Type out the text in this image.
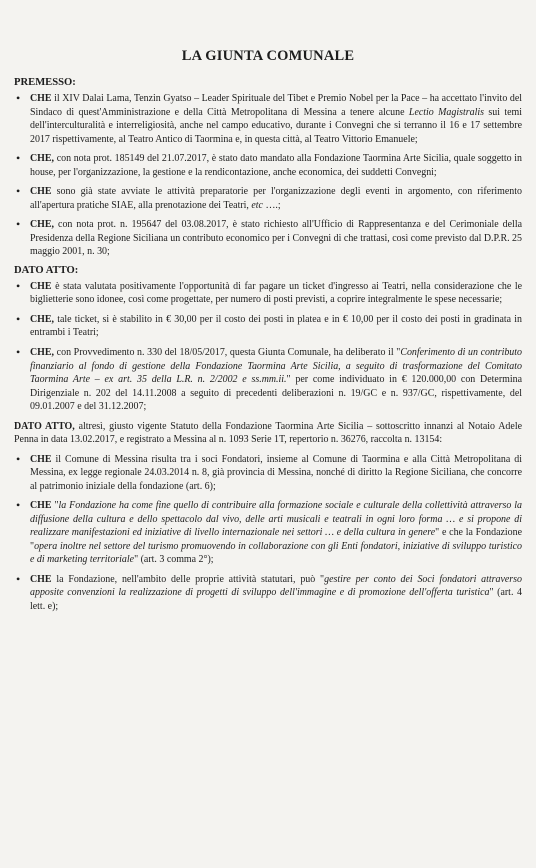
LA GIUNTA COMUNALE
PREMESSO:
• CHE il XIV Dalai Lama, Tenzin Gyatso – Leader Spirituale del Tibet e Premio Nobel per la Pace – ha accettato l'invito del Sindaco di quest'Amministrazione e della Città Metropolitana di Messina a tenere alcune Lectio Magistralis sui temi dell'interculturalità e interreligiosità, anche nel campo educativo, durante i Convegni che si terranno il 16 e 17 settembre 2017 rispettivamente, al Teatro Antico di Taormina e, in questa città, al Teatro Vittorio Emanuele;
• CHE, con nota prot. 185149 del 21.07.2017, è stato dato mandato alla Fondazione Taormina Arte Sicilia, quale soggetto in house, per l'organizzazione, la gestione e la rendicontazione, anche economica, dei suddetti Convegni;
• CHE sono già state avviate le attività preparatorie per l'organizzazione degli eventi in argomento, con riferimento all'apertura pratiche SIAE, alla prenotazione dei Teatri, etc ….;
• CHE, con nota prot. n. 195647 del 03.08.2017, è stato richiesto all'Ufficio di Rappresentanza e del Cerimoniale della Presidenza della Regione Siciliana un contributo economico per i Convegni di che trattasi, così come previsto dal D.P.R. 25 maggio 2001, n. 30;
DATO ATTO:
• CHE è stata valutata positivamente l'opportunità di far pagare un ticket d'ingresso ai Teatri, nella considerazione che le biglietterie sono idonee, così come progettate, per numero di posti previsti, a coprire integralmente le spese necessarie;
• CHE, tale ticket, si è stabilito in € 30,00 per il costo dei posti in platea e in € 10,00 per il costo dei posti in gradinata in entrambi i Teatri;
• CHE, con Provvedimento n. 330 del 18/05/2017, questa Giunta Comunale, ha deliberato il "Conferimento di un contributo finanziario al fondo di gestione della Fondazione Taormina Arte Sicilia, a seguito di trasformazione del Comitato Taormina Arte – ex art. 35 della L.R. n. 2/2002 e ss.mm.ii." per come individuato in € 120.000,00 con Determina Dirigenziale n. 202 del 14.11.2008 a seguito di precedenti deliberazioni n. 19/GC e n. 937/GC, rispettivamente, del 09.01.2007 e del 31.12.2007;

DATO ATTO, altresì, giusto vigente Statuto della Fondazione Taormina Arte Sicilia – sottoscritto innanzi al Notaio Adele Penna in data 13.02.2017, e registrato a Messina al n. 1093 Serie 1T, repertorio n. 36276, raccolta n. 13154:

• CHE il Comune di Messina risulta tra i soci Fondatori, insieme al Comune di Taormina e alla Città Metropolitana di Messina, ex legge regionale 24.03.2014 n. 8, già provincia di Messina, nonché di diritto la Regione Siciliana, che concorre al patrimonio iniziale della fondazione (art. 6);
• CHE "la Fondazione ha come fine quello di contribuire alla formazione sociale e culturale della collettività attraverso la diffusione della cultura e dello spettacolo dal vivo, delle arti musicali e teatrali in ogni loro forma … e si propone di realizzare manifestazioni ed iniziative di livello internazionale nei settori … e della cultura in genere" e che la Fondazione "opera inoltre nel settore del turismo promuovendo in collaborazione con gli Enti fondatori, iniziative di sviluppo turistico e di marketing territoriale" (art. 3 comma 2°);
• CHE la Fondazione, nell'ambito delle proprie attività statutari, può "gestire per conto dei Soci fondatori attraverso apposite convenzioni la realizzazione di progetti di sviluppo dell'immagine e di promozione dell'offerta turistica" (art. 4 lett. e);
